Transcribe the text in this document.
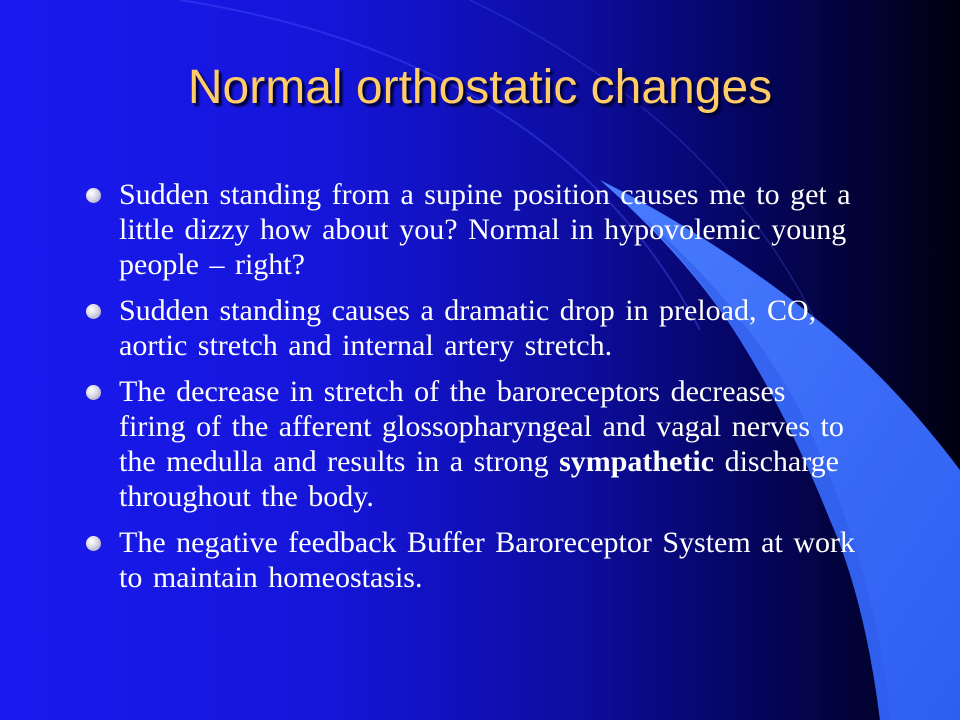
Normal orthostatic changes
Sudden standing from a supine position causes me to get a little dizzy how about you? Normal in hypovolemic young people – right?
Sudden standing causes a dramatic drop in preload, CO, aortic stretch and internal artery stretch.
The decrease in stretch of the baroreceptors decreases firing of the afferent glossopharyngeal and vagal nerves to the medulla and results in a strong sympathetic discharge throughout the body.
The negative feedback Buffer Baroreceptor System at work to maintain homeostasis.
